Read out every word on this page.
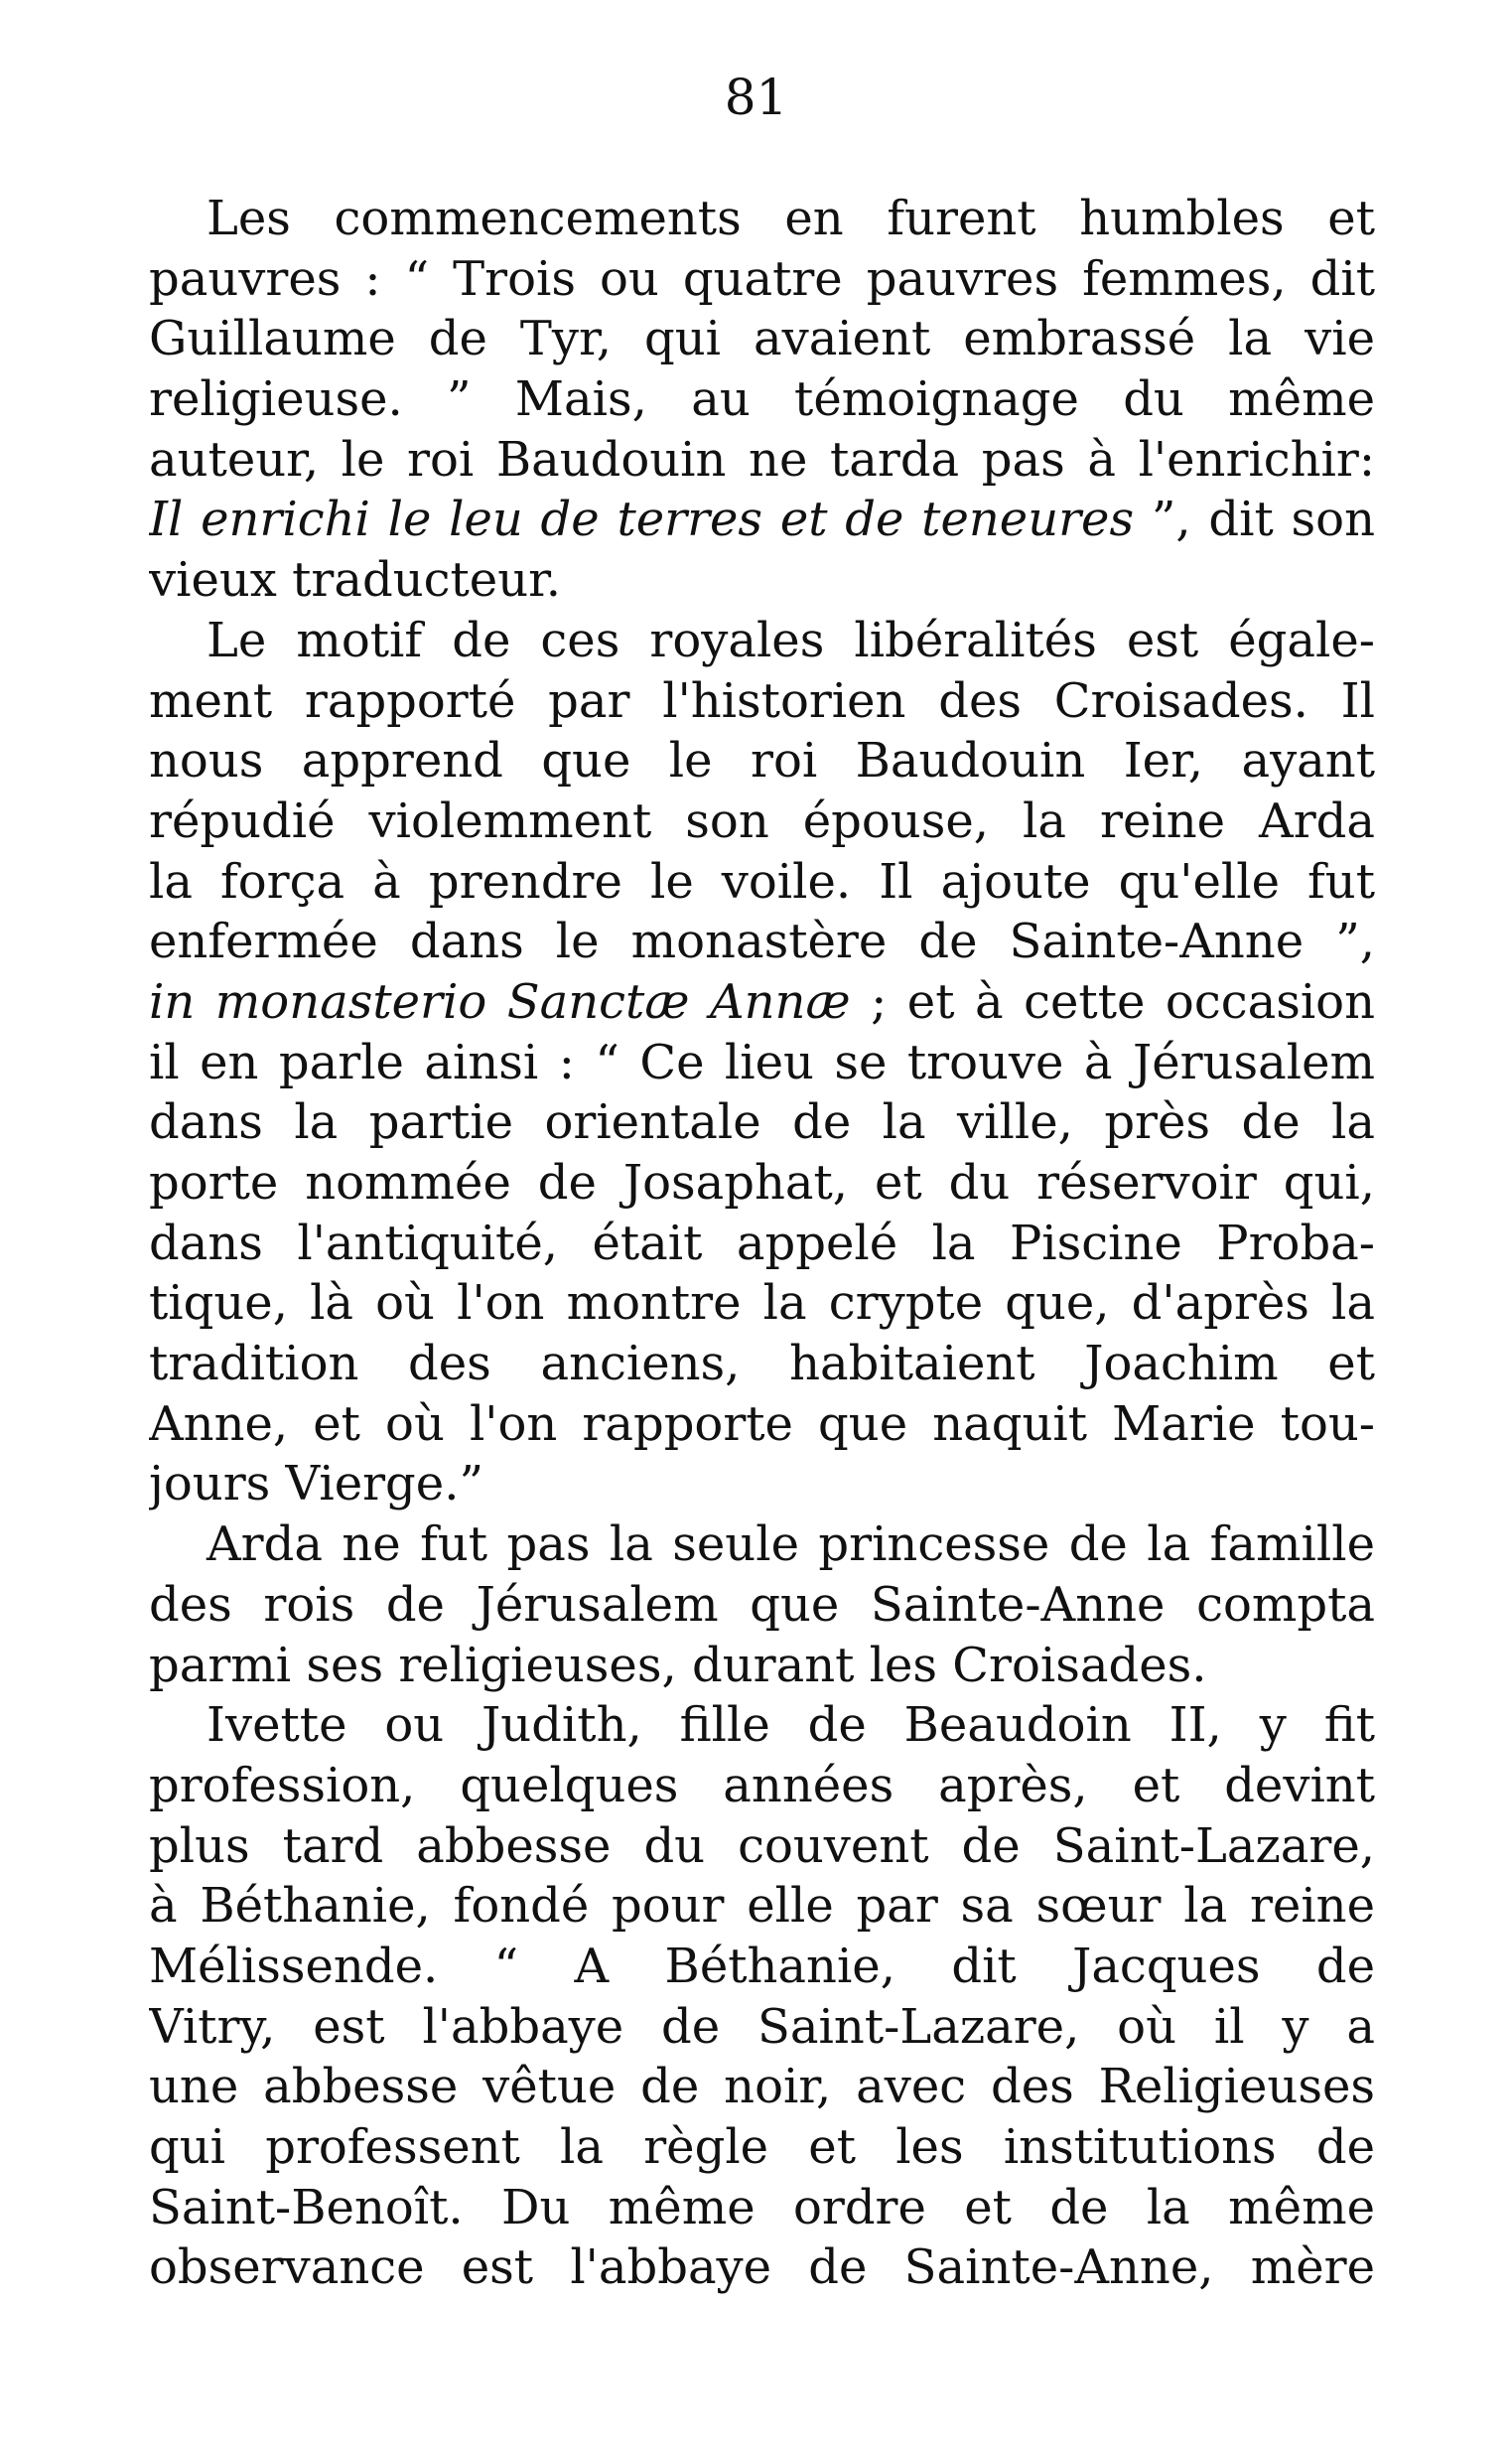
81
Les commencements en furent humbles et
pauvres : “ Trois ou quatre pauvres femmes, dit
Guillaume de Tyr, qui avaient embrassé la vie
religieuse. ” Mais, au témoignage du même
auteur, le roi Baudouin ne tarda pas à l'enrichir:
Il enrichi le leu de terres et de teneures ”, dit son
vieux traducteur.
Le motif de ces royales libéralités est égale-
ment rapporté par l'historien des Croisades. Il
nous apprend que le roi Baudouin Ier, ayant
répudié violemment son épouse, la reine Arda
la força à prendre le voile. Il ajoute qu'elle fut
enfermée dans le monastère de Sainte-Anne ”,
in monasterio Sanctæ Annæ ; et à cette occasion
il en parle ainsi : “ Ce lieu se trouve à Jérusalem
dans la partie orientale de la ville, près de la
porte nommée de Josaphat, et du réservoir qui,
dans l'antiquité, était appelé la Piscine Proba-
tique, là où l'on montre la crypte que, d'après la
tradition des anciens, habitaient Joachim et
Anne, et où l'on rapporte que naquit Marie tou-
jours Vierge.”
Arda ne fut pas la seule princesse de la famille
des rois de Jérusalem que Sainte-Anne compta
parmi ses religieuses, durant les Croisades.
Ivette ou Judith, fille de Beaudoin II, y fit
profession, quelques années après, et devint
plus tard abbesse du couvent de Saint-Lazare,
à Béthanie, fondé pour elle par sa sœur la reine
Mélissende. “ A Béthanie, dit Jacques de
Vitry, est l'abbaye de Saint-Lazare, où il y a
une abbesse vêtue de noir, avec des Religieuses
qui professent la règle et les institutions de
Saint-Benoît. Du même ordre et de la même
observance est l'abbaye de Sainte-Anne, mère
